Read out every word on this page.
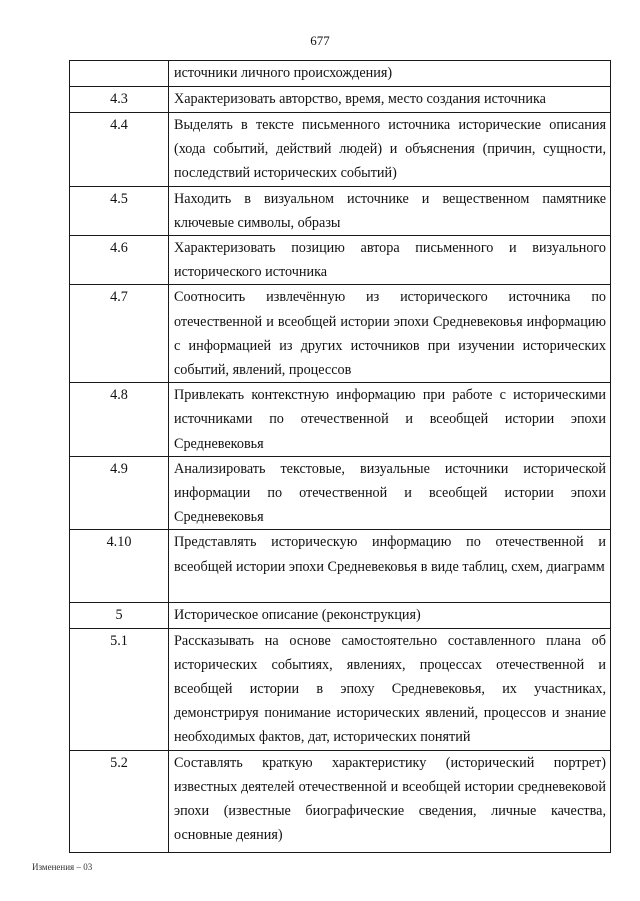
677
	источники личного происхождения)
4.3	Характеризовать авторство, время, место создания источника
4.4	Выделять в тексте письменного источника исторические описания (хода событий, действий людей) и объяснения (причин, сущности, последствий исторических событий)
4.5	Находить в визуальном источнике и вещественном памятнике ключевые символы, образы
4.6	Характеризовать позицию автора письменного и визуального исторического источника
4.7	Соотносить извлечённую из исторического источника по отечественной и всеобщей истории эпохи Средневековья информацию с информацией из других источников при изучении исторических событий, явлений, процессов
4.8	Привлекать контекстную информацию при работе с историческими источниками по отечественной и всеобщей истории эпохи Средневековья
4.9	Анализировать текстовые, визуальные источники исторической информации по отечественной и всеобщей истории эпохи Средневековья
4.10	Представлять историческую информацию по отечественной и всеобщей истории эпохи Средневековья в виде таблиц, схем, диаграмм
5	Историческое описание (реконструкция)
5.1	Рассказывать на основе самостоятельно составленного плана об исторических событиях, явлениях, процессах отечественной и всеобщей истории в эпоху Средневековья, их участниках, демонстрируя понимание исторических явлений, процессов и знание необходимых фактов, дат, исторических понятий
5.2	Составлять краткую характеристику (исторический портрет) известных деятелей отечественной и всеобщей истории средневековой эпохи (известные биографические сведения, личные качества, основные деяния)
Изменения – 03
